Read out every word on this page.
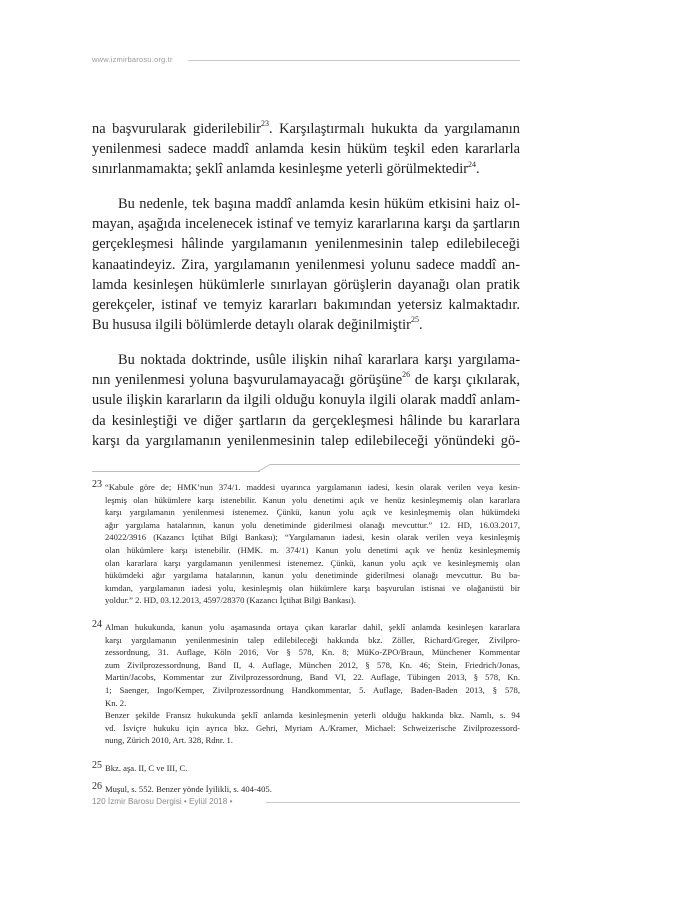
www.izmirbarosu.org.tr
na başvurularak giderilebilir$^{23}$. Karşılaştırmalı hukukta da yargılamanın
yenilenmesi sadece maddî anlamda kesin hüküm teşkil eden kararlarla
sınırlanmamakta; şeklî anlamda kesinleşme yeterli görülmektedir$^{24}$.
Bu nedenle, tek başına maddî anlamda kesin hüküm etkisini haiz ol-
mayan, aşağıda incelenecek istinaf ve temyiz kararlarına karşı da şartların
gerçekleşmesi hâlinde yargılamanın yenilenmesinin talep edilebileceği
kanaatindeyiz. Zira, yargılamanın yenilenmesi yolunu sadece maddî an-
lamda kesinleşen hükümlerle sınırlayan görüşlerin dayanağı olan pratik
gerekçeler, istinaf ve temyiz kararları bakımından yetersiz kalmaktadır.
Bu hususa ilgili bölümlerde detaylı olarak değinilmiştir$^{25}$.
Bu noktada doktrinde, usûle ilişkin nihaî kararlara karşı yargılama-
nın yenilenmesi yoluna başvurulamayacağı görüşüne$^{26}$ de karşı çıkılarak,
usule ilişkin kararların da ilgili olduğu konuyla ilgili olarak maddî anlam-
da kesinleştiği ve diğer şartların da gerçekleşmesi hâlinde bu kararlara
karşı da yargılamanın yenilenmesinin talep edilebileceği yönündeki gö-
23 “Kabule göre de; HMK’nun 374/1. maddesi uyarınca yargılamanın iadesi, kesin olarak verilen veya kesin-
leşmiş olan hükümlere karşı istenebilir. Kanun yolu denetimi açık ve henüz kesinleşmemiş olan kararlara
karşı yargılamanın yenilenmesi istenemez. Çünkü, kanun yolu açık ve kesinleşmemiş olan hükümdeki
ağır yargılama hatalarının, kanun yolu denetiminde giderilmesi olanağı mevcuttur.” 12. HD, 16.03.2017,
24022/3916 (Kazancı İçtihat Bilgi Bankası); “Yargılamanın iadesi, kesin olarak verilen veya kesinleşmiş
olan hükümlere karşı istenebilir. (HMK. m. 374/1) Kanun yolu denetimi açık ve henüz kesinleşmemiş
olan kararlara karşı yargılamanın yenilenmesi istenemez. Çünkü, kanun yolu açık ve kesinleşmemiş olan
hükümdeki ağır yargılama hatalarının, kanun yolu denetiminde giderilmesi olanağı mevcuttur. Bu ba-
kımdan, yargılamanın iadesi yolu, kesinleşmiş olan hükümlere karşı başvurulan istisnai ve olağanüstü bir
yoldur.” 2. HD, 03.12.2013, 4597/28370 (Kazancı İçtihat Bilgi Bankası).
24 Alman hukukunda, kanun yolu aşamasında ortaya çıkan kararlar dahil, şeklî anlamda kesinleşen kararlara
karşı yargılamanın yenilenmesinin talep edilebileceği hakkında bkz. Zöller, Richard/Greger, Zivilpro-
zessordnung, 31. Auflage, Köln 2016, Vor § 578, Kn. 8; MüKo-ZPO/Braun, Münchener Kommentar
zum Zivilprozessordnung, Band II, 4. Auflage, München 2012, § 578, Kn. 46; Stein, Friedrich/Jonas,
Martin/Jacobs, Kommentar zur Zivilprozessordnung, Band VI, 22. Auflage, Tübingen 2013, § 578, Kn.
1; Saenger, Ingo/Kemper, Zivilprozessordnung Handkommentar, 5. Auflage, Baden-Baden 2013, § 578,
Kn. 2.
Benzer şekilde Fransız hukukunda şeklî anlamda kesinleşmenin yeterli olduğu hakkında bkz. Namlı, s. 94
vd. İsviçre hukuku için ayrıca bkz. Gehri, Myriam A./Kramer, Michael: Schweizerische Zivilprozessord-
nung, Zürich 2010, Art. 328, Rdnr. 1.
25 Bkz. aşa. II, C ve III, C.
26 Muşul, s. 552. Benzer yönde İyilikli, s. 404-405.
120 İzmir Barosu Dergisi • Eylül 2018 •
